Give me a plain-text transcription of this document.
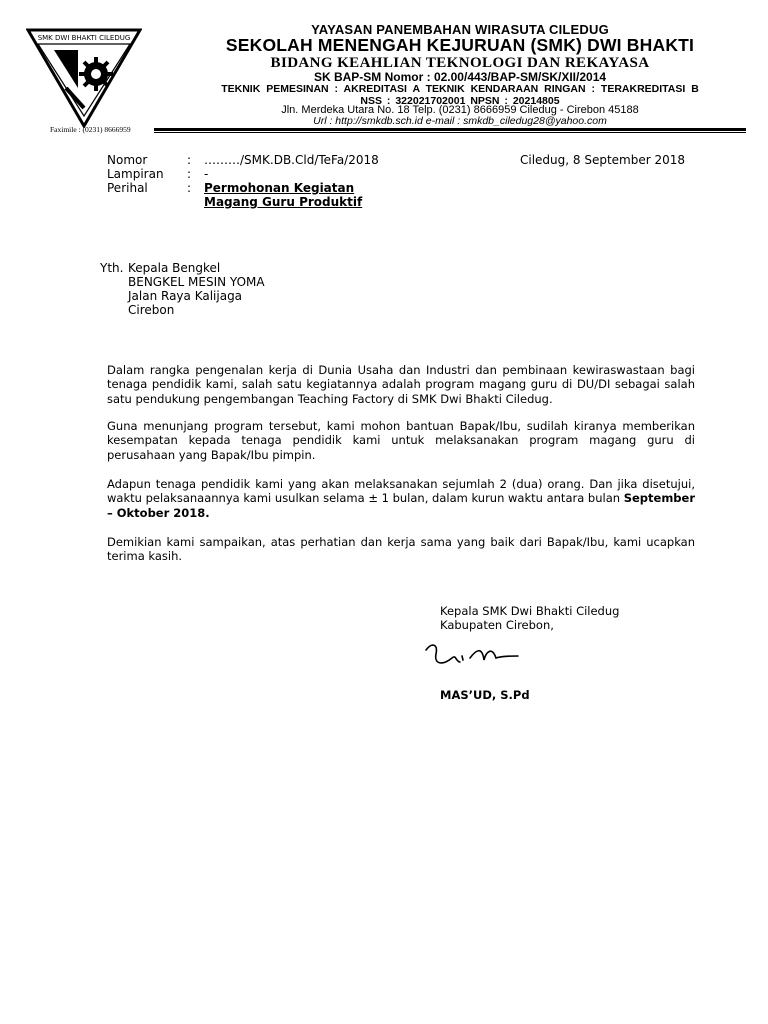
SMK DWI BHAKTI CILEDUG
YAYASAN PANEMBAHAN WIRASUTA CILEDUG
SEKOLAH MENENGAH KEJURUAN (SMK) DWI BHAKTI
BIDANG KEAHLIAN TEKNOLOGI DAN REKAYASA
SK BAP-SM Nomor : 02.00/443/BAP-SM/SK/XII/2014
TEKNIK PEMESINAN : AKREDITASI A TEKNIK KENDARAAN RINGAN : TERAKREDITASI B
NSS : 322021702001 NPSN : 20214805
Jln. Merdeka Utara No. 18 Telp. (0231) 8666959 Ciledug - Cirebon 45188
Url : http://smkdb.sch.id e-mail : smkdb_ciledug28@yahoo.com
Faximile : (0231) 8666959
Nomor	: ………/SMK.DB.Cld/TeFa/2018
Lampiran : -
Perihal	: Permohonan Kegiatan
Magang Guru Produktif
Ciledug, 8 September 2018
Yth. Kepala Bengkel
BENGKEL MESIN YOMA
Jalan Raya Kalijaga
Cirebon
Dalam rangka pengenalan kerja di Dunia Usaha dan Industri dan pembinaan kewiraswastaan bagi tenaga pendidik kami, salah satu kegiatannya adalah program magang guru di DU/DI sebagai salah satu pendukung pengembangan Teaching Factory di SMK Dwi Bhakti Ciledug.
Guna menunjang program tersebut, kami mohon bantuan Bapak/Ibu, sudilah kiranya memberikan kesempatan kepada tenaga pendidik kami untuk melaksanakan program magang guru di perusahaan yang Bapak/Ibu pimpin.
Adapun tenaga pendidik kami yang akan melaksanakan sejumlah 2 (dua) orang. Dan jika disetujui, waktu pelaksanaannya kami usulkan selama ± 1 bulan, dalam kurun waktu antara bulan September – Oktober 2018.
Demikian kami sampaikan, atas perhatian dan kerja sama yang baik dari Bapak/Ibu, kami ucapkan terima kasih.
Kepala SMK Dwi Bhakti Ciledug
Kabupaten Cirebon,
MAS’UD, S.Pd
